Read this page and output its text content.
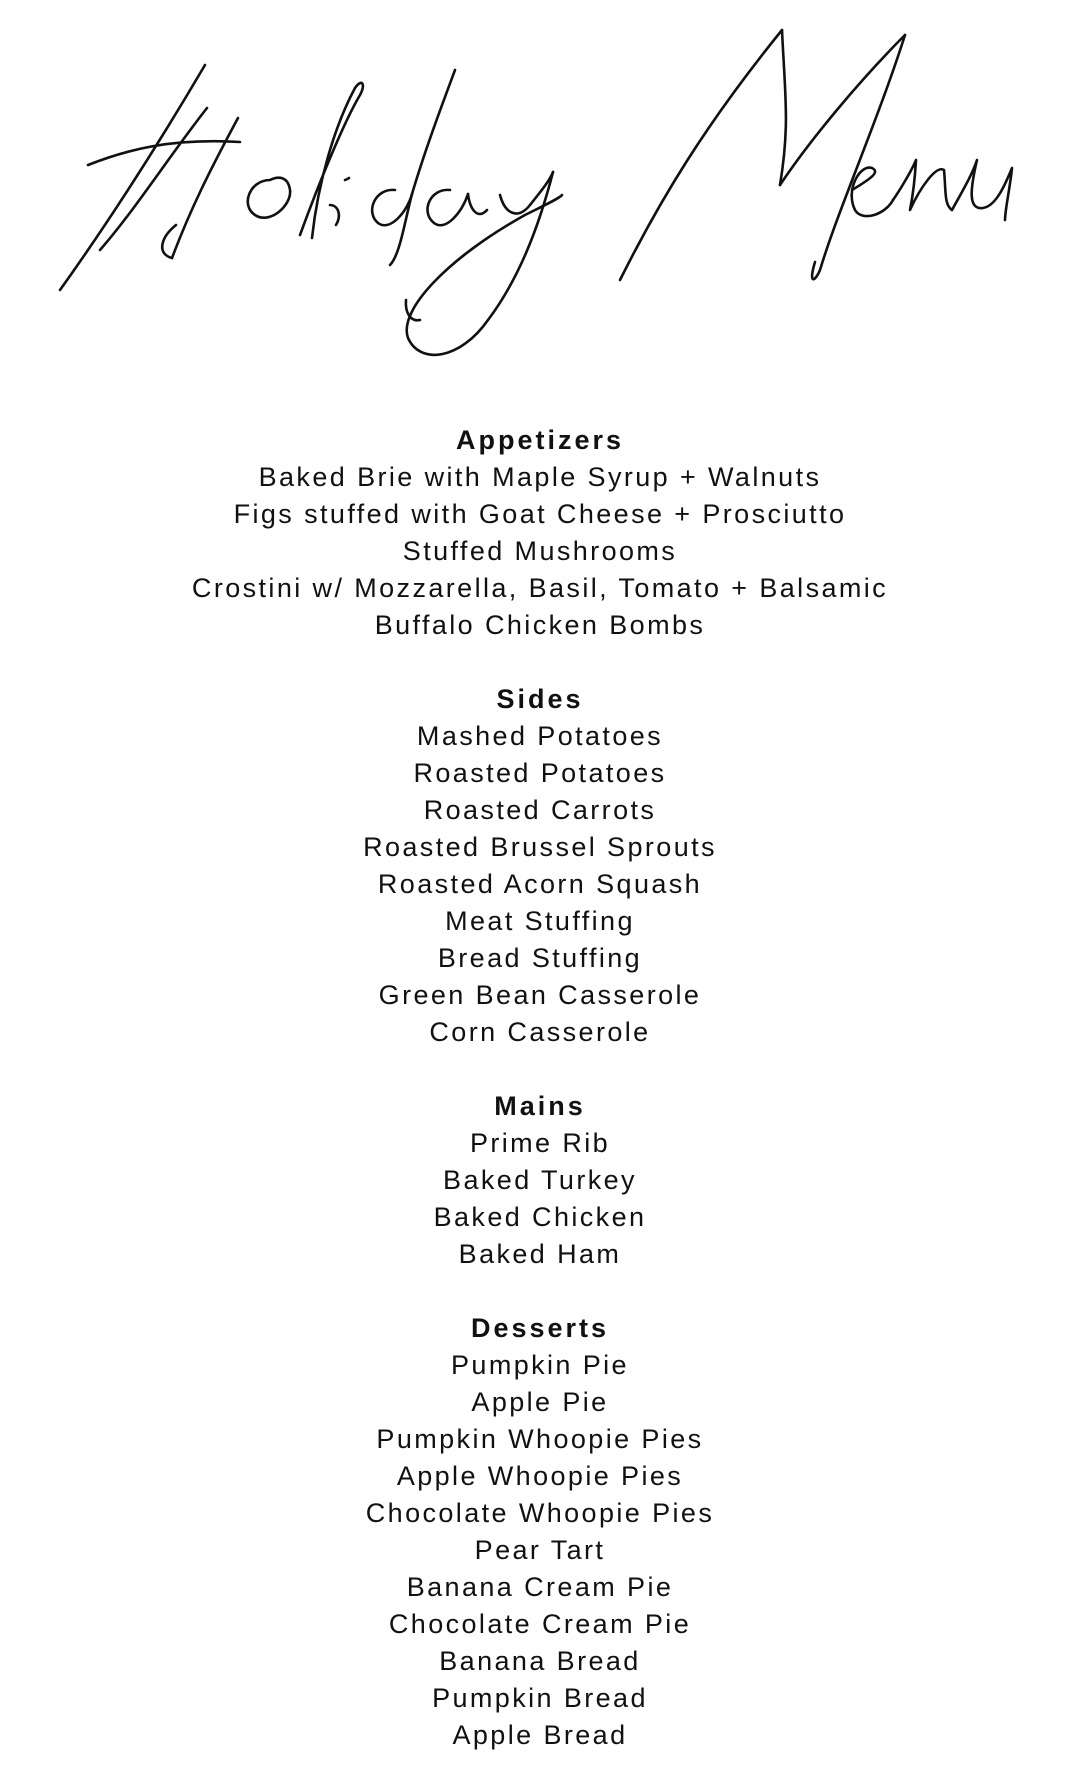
Appetizers

Baked Brie with Maple Syrup + Walnuts

Figs stuffed with Goat Cheese + Prosciutto

Stuffed Mushrooms

Crostini w/ Mozzarella, Basil, Tomato + Balsamic

Buffalo Chicken Bombs

Sides

Mashed Potatoes

Roasted Potatoes

Roasted Carrots

Roasted Brussel Sprouts

Roasted Acorn Squash

Meat Stuffing

Bread Stuffing

Green Bean Casserole

Corn Casserole

Mains

Prime Rib

Baked Turkey

Baked Chicken

Baked Ham

Desserts

Pumpkin Pie

Apple Pie

Pumpkin Whoopie Pies

Apple Whoopie Pies

Chocolate Whoopie Pies

Pear Tart

Banana Cream Pie

Chocolate Cream Pie

Banana Bread

Pumpkin Bread

Apple Bread
